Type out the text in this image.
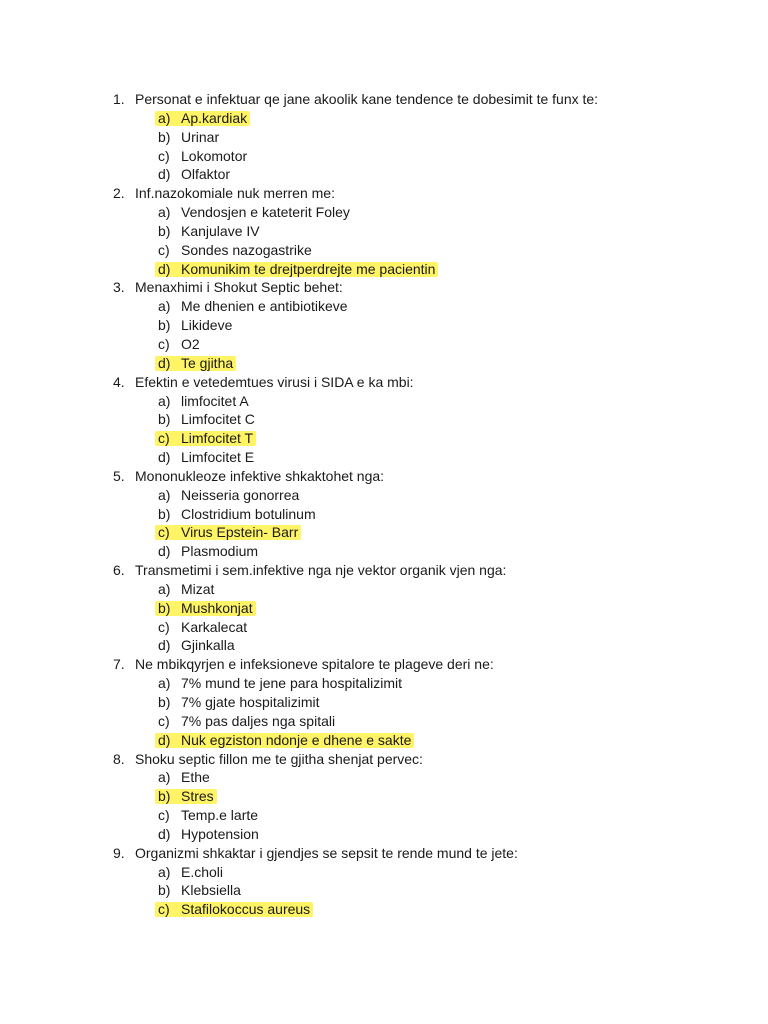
1. Personat e infektuar qe jane akoolik kane tendence te dobesimit te funx te:
a) Ap.kardiak
b) Urinar
c) Lokomotor
d) Olfaktor
2. Inf.nazokomiale nuk merren me:
a) Vendosjen e kateterit Foley
b) Kanjulave IV
c) Sondes nazogastrike
d) Komunikim te drejtperdrejte me pacientin
3. Menaxhimi i Shokut Septic behet:
a) Me dhenien e antibiotikeve
b) Likideve
c) O2
d) Te gjitha
4. Efektin e vetedemtues virusi i SIDA e ka mbi:
a) limfocitet A
b) Limfocitet C
c) Limfocitet T
d) Limfocitet E
5. Mononukleoze infektive shkaktohet nga:
a) Neisseria gonorrea
b) Clostridium botulinum
c) Virus Epstein- Barr
d) Plasmodium
6. Transmetimi i sem.infektive nga nje vektor organik vjen nga:
a) Mizat
b) Mushkonjat
c) Karkalecat
d) Gjinkalla
7. Ne mbikqyrjen e infeksioneve spitalore te plageve deri ne:
a) 7% mund te jene para hospitalizimit
b) 7% gjate hospitalizimit
c) 7% pas daljes nga spitali
d) Nuk egziston ndonje e dhene e sakte
8. Shoku septic fillon me te gjitha shenjat pervec:
a) Ethe
b) Stres
c) Temp.e larte
d) Hypotension
9. Organizmi shkaktar i gjendjes se sepsit te rende mund te jete:
a) E.choli
b) Klebsiella
c) Stafilokoccus aureus
